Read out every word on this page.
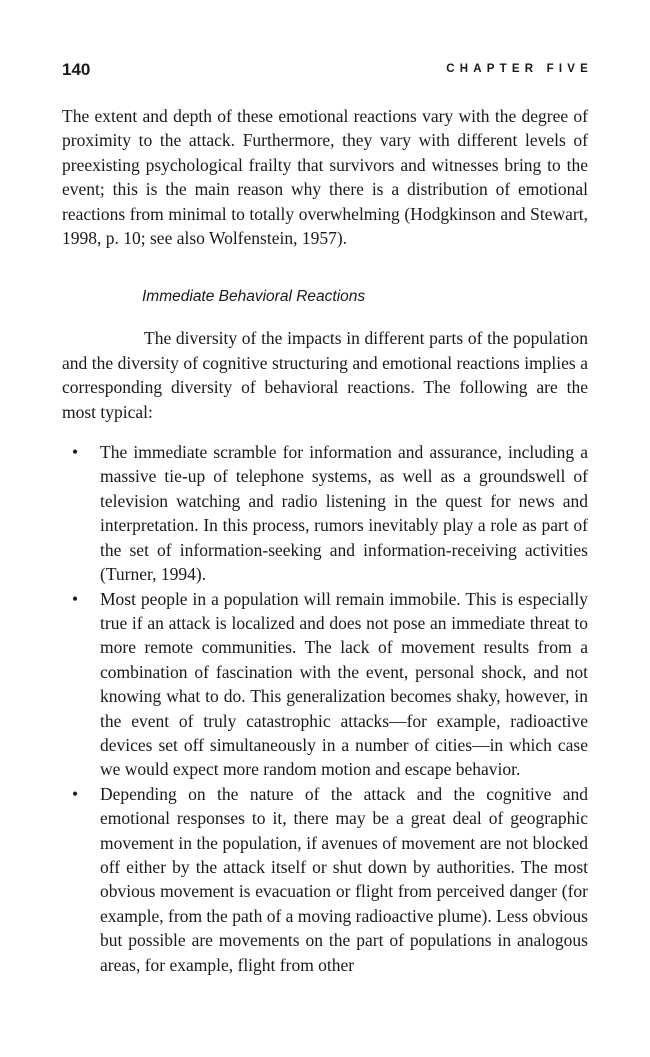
140	CHAPTER FIVE

The extent and depth of these emotional reactions vary with the degree of proximity to the attack. Furthermore, they vary with different levels of preexisting psychological frailty that survivors and witnesses bring to the event; this is the main reason why there is a distribution of emotional reactions from minimal to totally overwhelming (Hodgkinson and Stewart, 1998, p. 10; see also Wolfenstein, 1957).

Immediate Behavioral Reactions

The diversity of the impacts in different parts of the population and the diversity of cognitive structuring and emotional reactions implies a corresponding diversity of behavioral reactions. The following are the most typical:

• The immediate scramble for information and assurance, including a massive tie-up of telephone systems, as well as a groundswell of television watching and radio listening in the quest for news and interpretation. In this process, rumors inevitably play a role as part of the set of information-seeking and information-receiving activities (Turner, 1994).

• Most people in a population will remain immobile. This is especially true if an attack is localized and does not pose an immediate threat to more remote communities. The lack of movement results from a combination of fascination with the event, personal shock, and not knowing what to do. This generalization becomes shaky, however, in the event of truly catastrophic attacks—for example, radioactive devices set off simultaneously in a number of cities—in which case we would expect more random motion and escape behavior.

• Depending on the nature of the attack and the cognitive and emotional responses to it, there may be a great deal of geographic movement in the population, if avenues of movement are not blocked off either by the attack itself or shut down by authorities. The most obvious movement is evacuation or flight from perceived danger (for example, from the path of a moving radioactive plume). Less obvious but possible are movements on the part of populations in analogous areas, for example, flight from other
